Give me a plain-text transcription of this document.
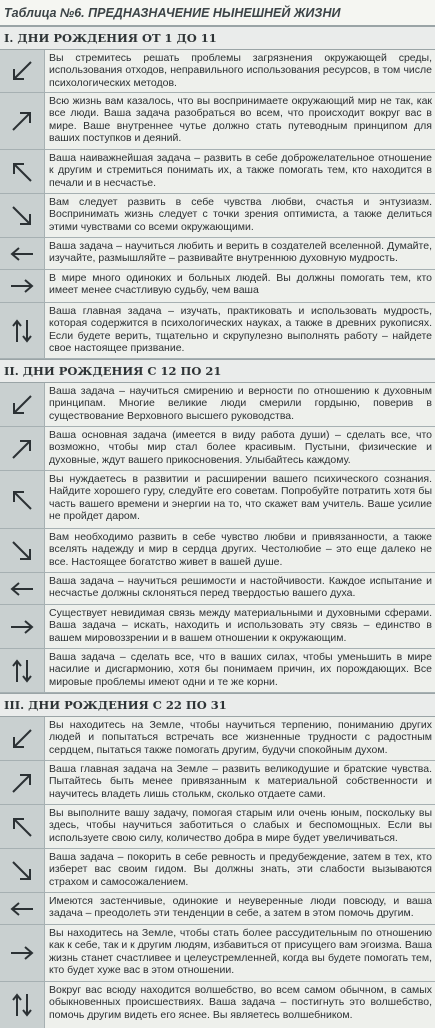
Таблица №6. ПРЕДНАЗНАЧЕНИЕ НЫНЕШНЕЙ ЖИЗНИ
I. ДНИ РОЖДЕНИЯ ОТ 1 ДО 11
Вы стремитесь решать проблемы загрязнения окружающей среды, использования отходов, неправильного использования ресурсов, в том числе психологических методов.
Всю жизнь вам казалось, что вы воспринимаете окружающий мир не так, как все люди. Ваша задача разобраться во всем, что происходит вокруг вас в мире. Ваше внутреннее чутье должно стать путеводным принципом для ваших поступков и деяний.
Ваша наиважнейшая задача – развить в себе доброжелательное отношение к другим и стремиться понимать их, а также помогать тем, кто находится в печали и в несчастье.
Вам следует развить в себе чувства любви, счастья и энтузиазм. Воспринимать жизнь следует с точки зрения оптимиста, а также делиться этими чувствами со всеми окружающими.
Ваша задача – научиться любить и верить в создателей вселенной. Думайте, изучайте, размышляйте – развивайте внутреннюю духовную мудрость.
В мире много одиноких и больных людей. Вы должны помогать тем, кто имеет менее счастливую судьбу, чем ваша
Ваша главная задача – изучать, практиковать и использовать мудрость, которая содержится в психологических науках, а также в древних рукописях. Если будете верить, тщательно и скрупулезно выполнять работу – найдете свое настоящее призвание.
II. ДНИ РОЖДЕНИЯ С 12 ПО 21
Ваша задача – научиться смирению и верности по отношению к духовным принципам. Многие великие люди смерили гордыню, поверив в существование Верховного высшего руководства.
Ваша основная задача (имеется в виду работа души) – сделать все, что возможно, чтобы мир стал более красивым. Пустыни, физические и духовные, ждут вашего прикосновения. Улыбайтесь каждому.
Вы нуждаетесь в развитии и расширении вашего психического сознания. Найдите хорошего гуру, следуйте его советам. Попробуйте потратить хотя бы часть вашего времени и энергии на то, что скажет вам учитель. Ваше усилие не пройдет даром.
Вам необходимо развить в себе чувство любви и привязанности, а также вселять надежду и мир в сердца других. Честолюбие – это еще далеко не все. Настоящее богатство живет в вашей душе.
Ваша задача – научиться решимости и настойчивости. Каждое испытание и несчастье должны склоняться перед твердостью вашего духа.
Существует невидимая связь между материальными и духовными сферами. Ваша задача – искать, находить и использовать эту связь – единство в вашем мировоззрении и в вашем отношении к окружающим.
Ваша задача – сделать все, что в ваших силах, чтобы уменьшить в мире насилие и дисгармонию, хотя бы понимаем причин, их порождающих. Все мировые проблемы имеют одни и те же корни.
III. ДНИ РОЖДЕНИЯ С 22 ПО 31
Вы находитесь на Земле, чтобы научиться терпению, пониманию других людей и попытаться встречать все жизненные трудности с радостным сердцем, пытаться также помогать другим, будучи спокойным духом.
Ваша главная задача на Земле – развить великодушие и братские чувства. Пытайтесь быть менее привязанным к материальной собственности и научитесь владеть лишь столькм, сколько отдаете сами.
Вы выполните вашу задачу, помогая старым или очень юным, поскольку вы здесь, чтобы научиться заботиться о слабых и беспомощных. Если вы используете свою силу, количество добра в мире будет увеличиваться.
Ваша задача – покорить в себе ревность и предубеждение, затем в тех, кто изберет вас своим гидом. Вы должны знать, эти слабости вызываются страхом и самосожалением.
Имеются застенчивые, одинокие и неуверенные люди повсюду, и ваша задача – преодолеть эти тенденции в себе, а затем в этом помочь другим.
Вы находитесь на Земле, чтобы стать более рассудительным по отношению как к себе, так и к другим людям, избавиться от присущего вам эгоизма. Ваша жизнь станет счастливее и целеустремленней, когда вы будете помогать тем, кто будет хуже вас в этом отношении.
Вокруг вас всюду находится волшебство, во всем самом обычном, в самых обыкновенных происшествиях. Ваша задача – постигнуть это волшебство, помочь другим видеть его яснее. Вы являетесь волшебником.
